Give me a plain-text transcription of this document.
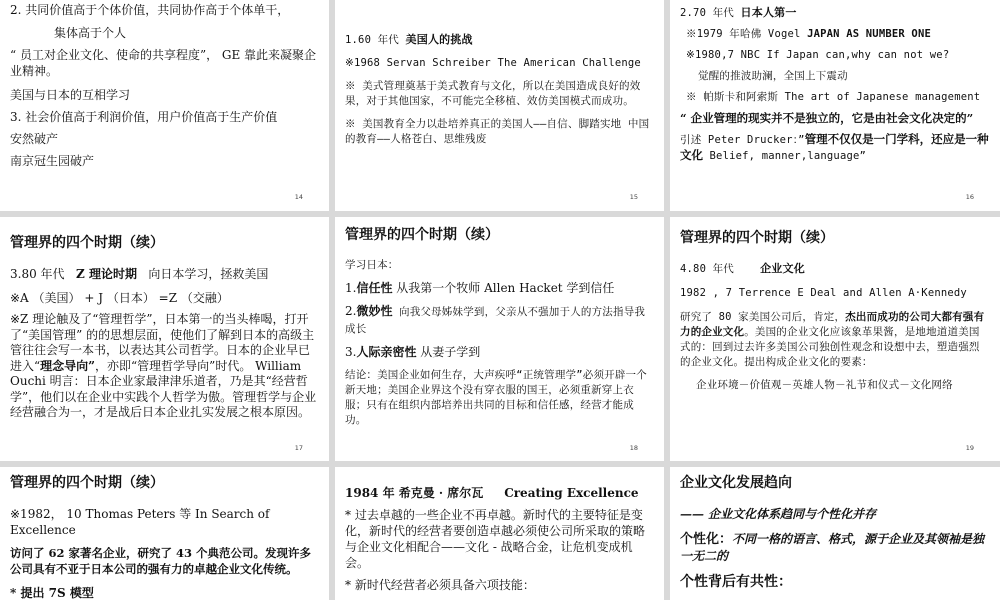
2. 共同价值高于个体价值，共同协作高于个体单干，

集体高于个人

“ 员工对企业文化、使命的共享程度”， GE 靠此来凝聚企业精神。

美国与日本的互相学习

3. 社会价值高于利润价值，用户价值高于生产价值

安然破产

南京冠生园破产

14

1.60 年代 美国人的挑战

※1968 Servan Schreiber The American Challenge

※ 美式管理奠基于美式教育与文化，所以在美国造成良好的效果，对于其他国家，不可能完全移植、效仿美国模式而成功。

※ 美国教育全力以赴培养真正的美国人——自信、脚踏实地 中国的教育——人格苍白、思维残废

15

2.70 年代 日本人第一

※1979 年哈佛 Vogel JAPAN AS NUMBER ONE

※1980,7 NBC If Japan can,why can not we?

觉醒的推波助澜，全国上下震动

※ 帕斯卡和阿索斯 The art of Japanese management

“ 企业管理的现实并不是独立的，它是由社会文化决定的”

引述 Peter Drucker：”管理不仅仅是一门学科，还应是一种文化 Belief, manner,language”

16

管理界的四个时期（续）

3.80 年代 Z 理论时期 向日本学习，拯救美国

※A （美国） + J （日本） =Z （交融）

※Z 理论触及了“管理哲学”，日本第一的当头棒喝，打开了“美国管理” 的的思想层面，使他们了解到日本的高级主管往往会写一本书，以表达其公司哲学。日本的企业早已进入“理念导向”，亦即“管理哲学导向”时代。 William Ouchi 明言：日本企业家最津津乐道者，乃是其“经营哲学”，他们以在企业中实践个人哲学为傲。管理哲学与企业经营融合为一，才是战后日本企业扎实发展之根本原因。

17

管理界的四个时期（续）

学习日本：

1.信任性 从我第一个牧师 Allen Hacket 学到信任

2.微妙性 向我父母姊妹学到，父亲从不强加于人的方法指导我成长

3.人际亲密性 从妻子学到

结论：美国企业如何生存，大声疾呼“正统管理学”必须开辟一个新天地；美国企业界这个没有穿衣服的国王，必须重新穿上衣服；只有在组织内部培养出共同的目标和信任感，经营才能成功。

18

管理界的四个时期（续）

4.80 年代 企业文化

1982 , 7 Terrence E Deal and Allen A·Kennedy

研究了 80 家美国公司后，肯定，杰出而成功的公司大都有强有力的企业文化。美国的企业文化应该象革果酱，是地地道道美国式的：回到过去许多美国公司独创性观念和设想中去，塑造强烈的企业文化。提出构成企业文化的要素：

企业环境－价值观－英雄人物－礼节和仪式－文化网络

19

管理界的四个时期（续）

※1982， 10 Thomas Peters 等 In Search of Excellence

访问了 62 家著名企业，研究了 43 个典范公司。发现许多公司具有不亚于日本公司的强有力的卓越企业文化传统。

* 提出 7S 模型

1984 年 希克曼 · 席尔瓦 Creating Excellence

* 过去卓越的一些企业不再卓越。新时代的主要特征是变化，新时代的经营者要创造卓越必须使公司所采取的策略与企业文化相配合——文化 - 战略合金，让危机变成机会。

* 新时代经营者必须具备六项技能：

企业文化发展趋向

—— 企业文化体系趋同与个性化并存

个性化：不同一格的语言、格式，源于企业及其领袖是独一无二的

个性背后有共性：
